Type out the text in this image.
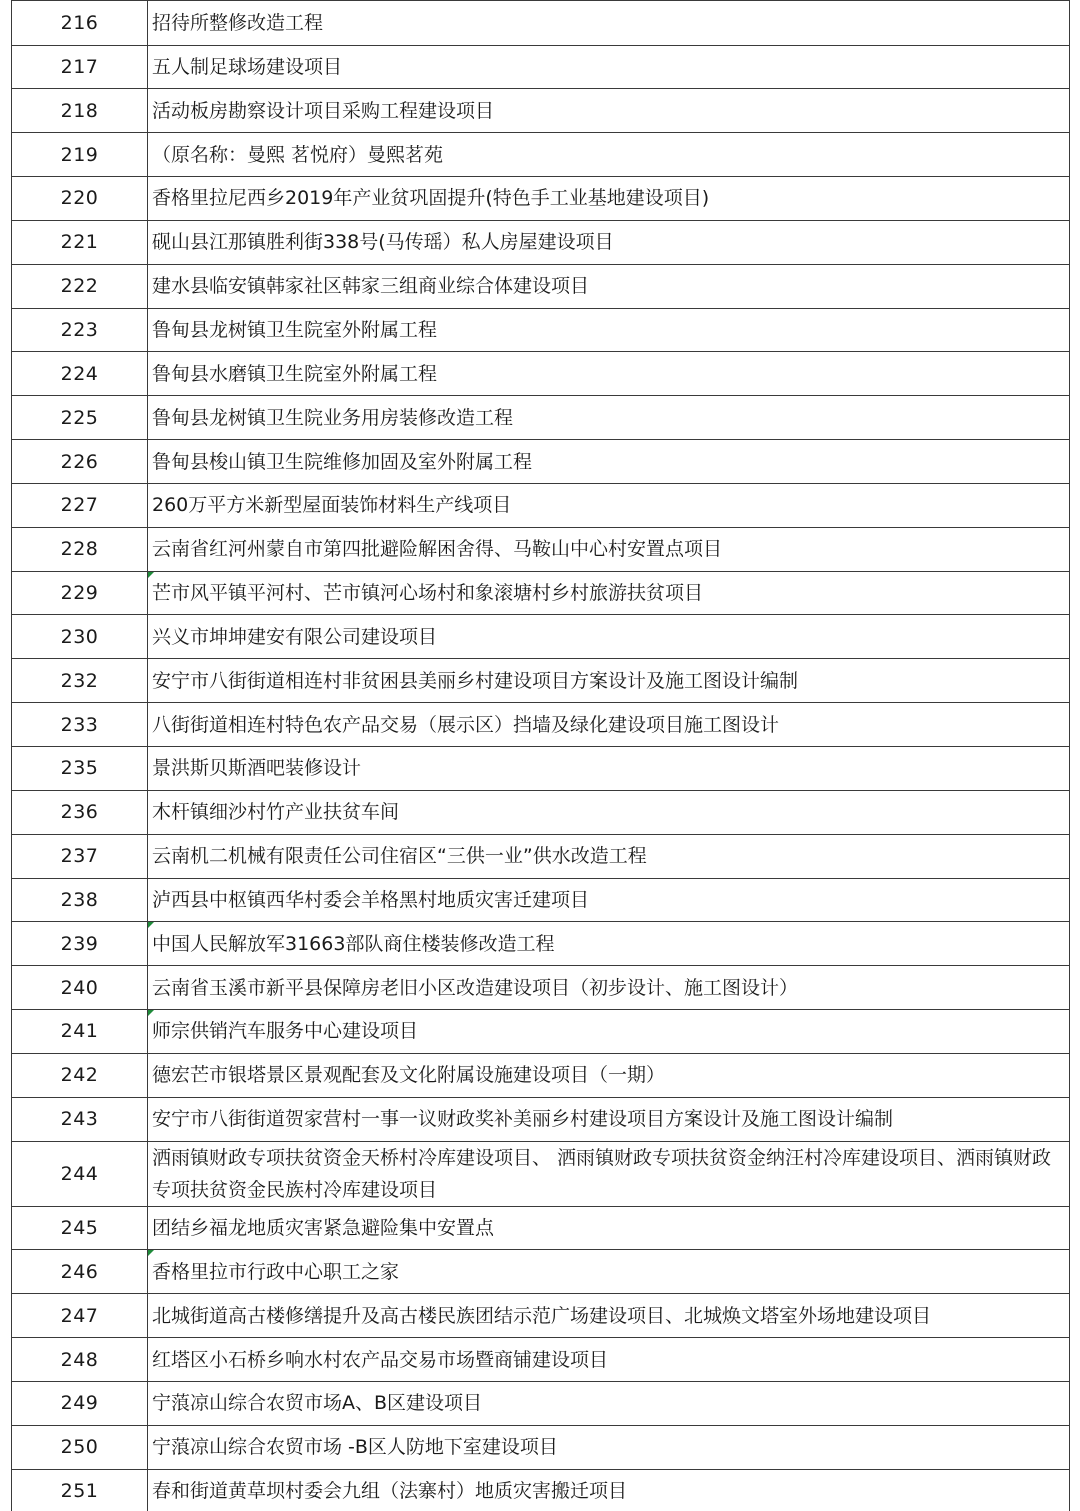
216	招待所整修改造工程
217	五人制足球场建设项目
218	活动板房勘察设计项目采购工程建设项目
219	（原名称：曼熙 茗悦府）曼熙茗苑
220	香格里拉尼西乡2019年产业贫巩固提升(特色手工业基地建设项目)
221	砚山县江那镇胜利街338号(马传瑶）私人房屋建设项目
222	建水县临安镇韩家社区韩家三组商业综合体建设项目
223	鲁甸县龙树镇卫生院室外附属工程
224	鲁甸县水磨镇卫生院室外附属工程
225	鲁甸县龙树镇卫生院业务用房装修改造工程
226	鲁甸县梭山镇卫生院维修加固及室外附属工程
227	260万平方米新型屋面装饰材料生产线项目
228	云南省红河州蒙自市第四批避险解困舍得、马鞍山中心村安置点项目
229	芒市风平镇平河村、芒市镇河心场村和象滚塘村乡村旅游扶贫项目
230	兴义市坤坤建安有限公司建设项目
232	安宁市八街街道相连村非贫困县美丽乡村建设项目方案设计及施工图设计编制
233	八街街道相连村特色农产品交易（展示区）挡墙及绿化建设项目施工图设计
235	景洪斯贝斯酒吧装修设计
236	木杆镇细沙村竹产业扶贫车间
237	云南机二机械有限责任公司住宿区“三供一业”供水改造工程
238	泸西县中枢镇西华村委会羊格黑村地质灾害迁建项目
239	中国人民解放军31663部队商住楼装修改造工程
240	云南省玉溪市新平县保障房老旧小区改造建设项目（初步设计、施工图设计）
241	师宗供销汽车服务中心建设项目
242	德宏芒市银塔景区景观配套及文化附属设施建设项目（一期）
243	安宁市八街街道贺家营村一事一议财政奖补美丽乡村建设项目方案设计及施工图设计编制
244	洒雨镇财政专项扶贫资金天桥村冷库建设项目、 洒雨镇财政专项扶贫资金纳汪村冷库建设项目、洒雨镇财政专项扶贫资金民族村冷库建设项目
245	团结乡福龙地质灾害紧急避险集中安置点
246	香格里拉市行政中心职工之家
247	北城街道高古楼修缮提升及高古楼民族团结示范广场建设项目、北城焕文塔室外场地建设项目
248	红塔区小石桥乡响水村农产品交易市场暨商铺建设项目
249	宁蒗凉山综合农贸市场A、B区建设项目
250	宁蒗凉山综合农贸市场 -B区人防地下室建设项目
251	春和街道黄草坝村委会九组（法寨村）地质灾害搬迁项目
